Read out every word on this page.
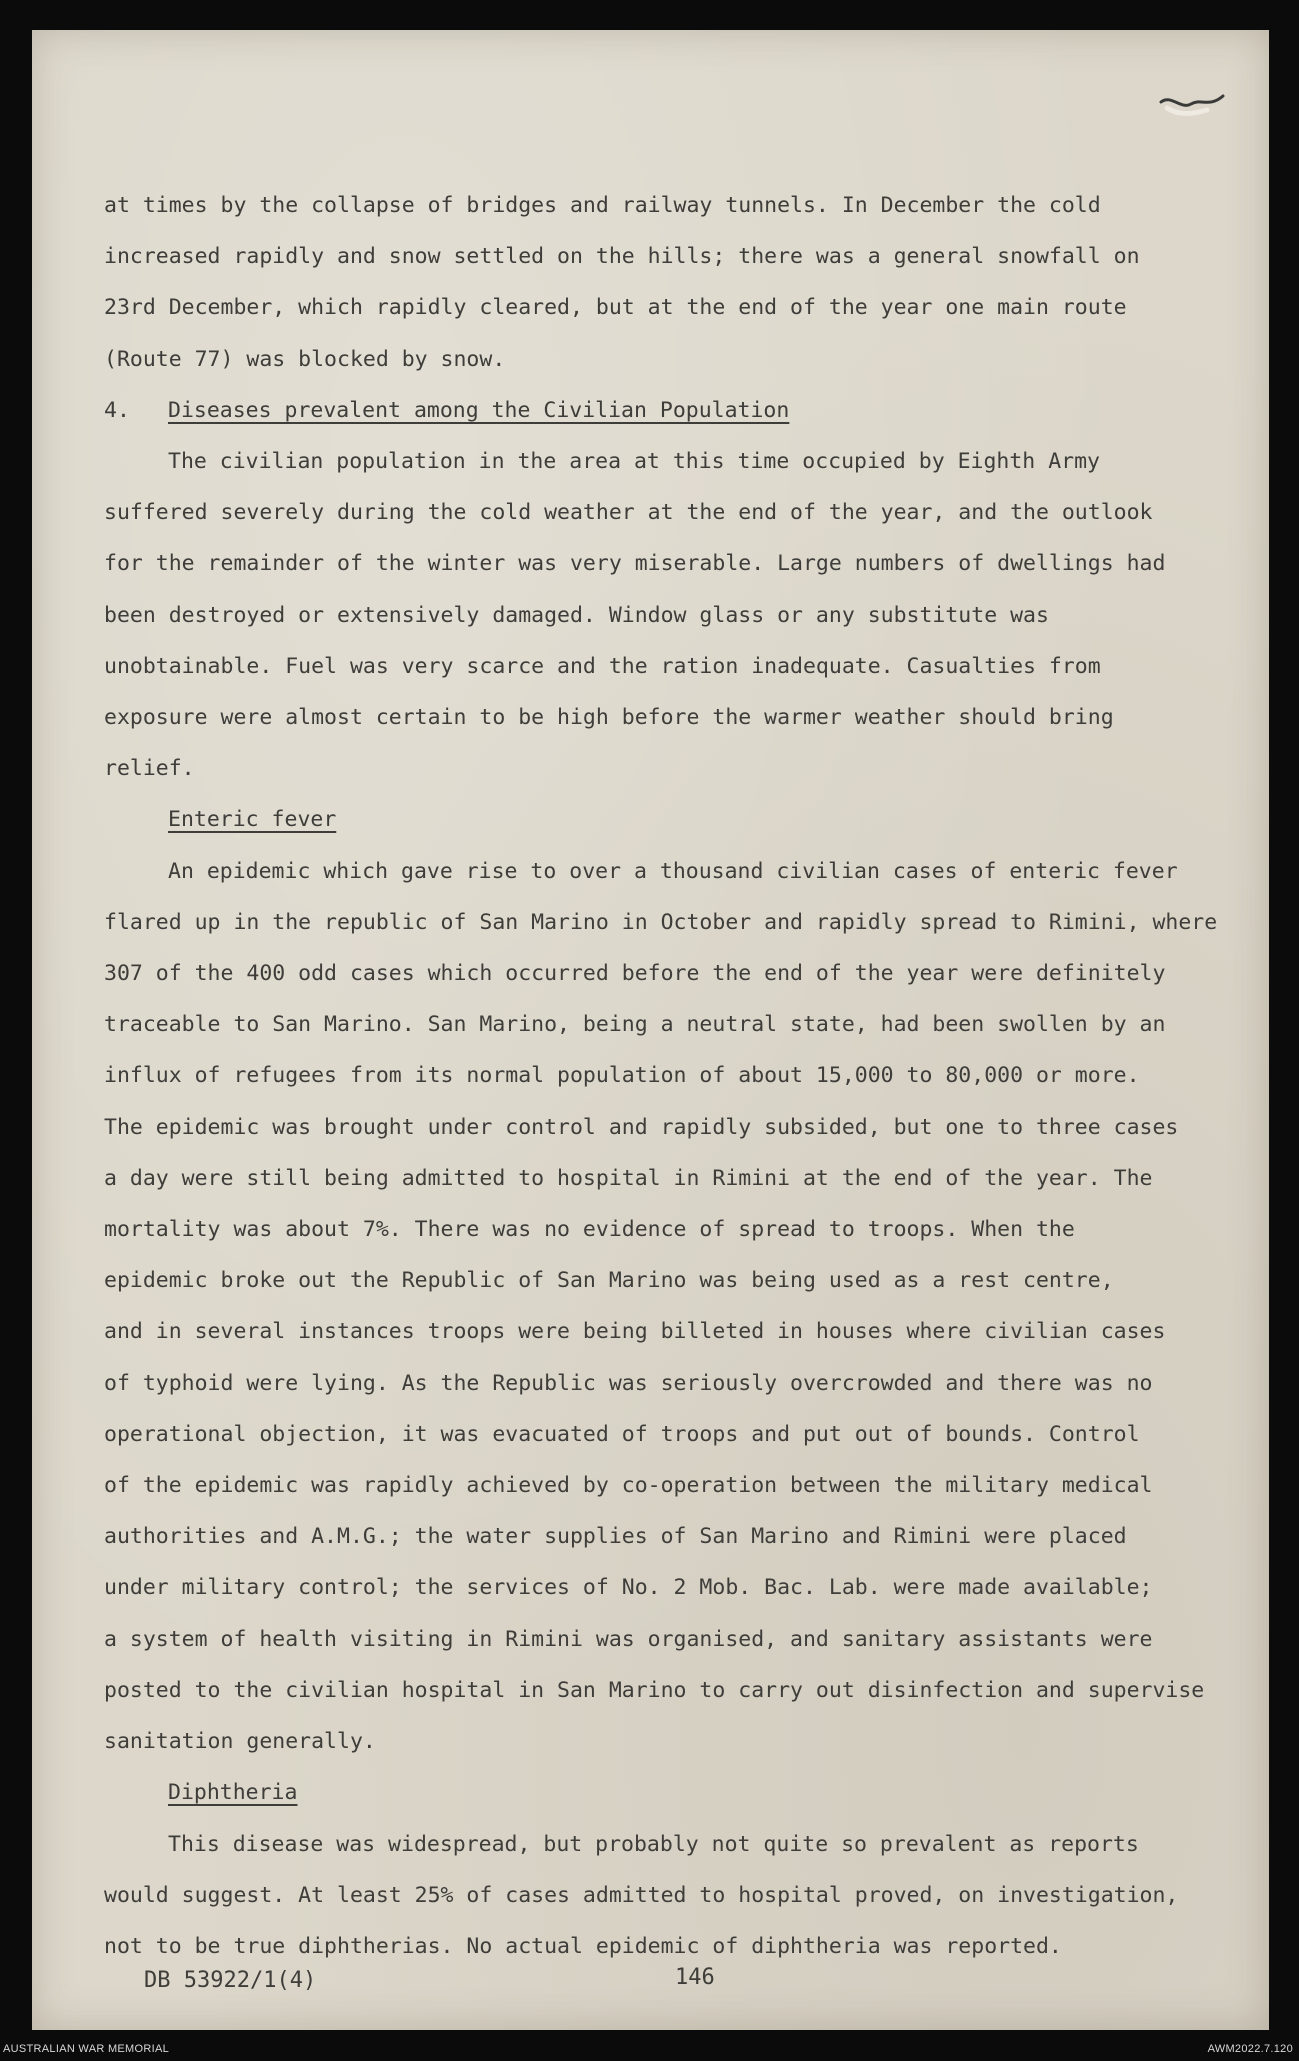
at times by the collapse of bridges and railway tunnels. In December the cold

increased rapidly and snow settled on the hills; there was a general snowfall on

23rd December, which rapidly cleared, but at the end of the year one main route

(Route 77) was blocked by snow.

4. Diseases prevalent among the Civilian Population

The civilian population in the area at this time occupied by Eighth Army

suffered severely during the cold weather at the end of the year, and the outlook

for the remainder of the winter was very miserable. Large numbers of dwellings had

been destroyed or extensively damaged. Window glass or any substitute was

unobtainable. Fuel was very scarce and the ration inadequate. Casualties from

exposure were almost certain to be high before the warmer weather should bring

relief.

Enteric fever

An epidemic which gave rise to over a thousand civilian cases of enteric fever

flared up in the republic of San Marino in October and rapidly spread to Rimini, where

307 of the 400 odd cases which occurred before the end of the year were definitely

traceable to San Marino. San Marino, being a neutral state, had been swollen by an

influx of refugees from its normal population of about 15,000 to 80,000 or more.

The epidemic was brought under control and rapidly subsided, but one to three cases

a day were still being admitted to hospital in Rimini at the end of the year. The

mortality was about 7%. There was no evidence of spread to troops. When the

epidemic broke out the Republic of San Marino was being used as a rest centre,

and in several instances troops were being billeted in houses where civilian cases

of typhoid were lying. As the Republic was seriously overcrowded and there was no

operational objection, it was evacuated of troops and put out of bounds. Control

of the epidemic was rapidly achieved by co-operation between the military medical

authorities and A.M.G.; the water supplies of San Marino and Rimini were placed

under military control; the services of No. 2 Mob. Bac. Lab. were made available;

a system of health visiting in Rimini was organised, and sanitary assistants were

posted to the civilian hospital in San Marino to carry out disinfection and supervise

sanitation generally.

Diphtheria

This disease was widespread, but probably not quite so prevalent as reports

would suggest. At least 25% of cases admitted to hospital proved, on investigation,

not to be true diphtherias. No actual epidemic of diphtheria was reported.

DB 53922/1(4)	146
AUSTRALIAN WAR MEMORIAL	AWM2022.7.120
